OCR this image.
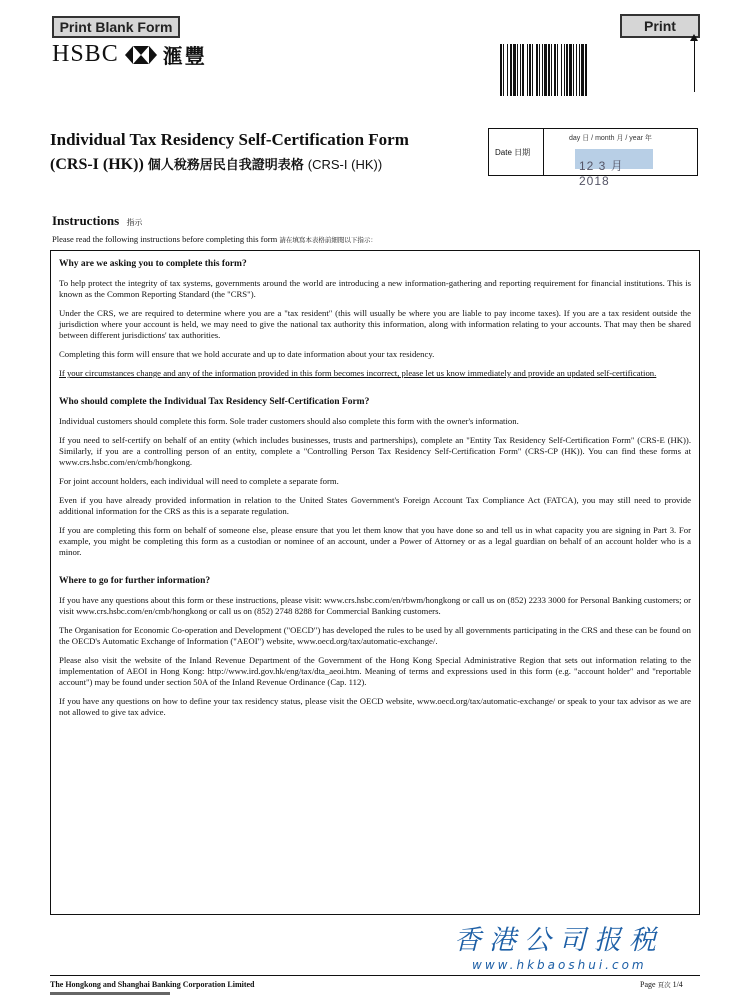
Print Blank Form	Print
HSBC 滙豐
Individual Tax Residency Self-Certification Form
(CRS-I (HK)) 個人稅務居民自我證明表格 (CRS-I (HK))
Date 日期
day 日 / month 月 / year 年
12 3 月 2018
Instructions 指示
Please read the following instructions before completing this form 請在填寫本表格前細閱以下指示：
Why are we asking you to complete this form?

To help protect the integrity of tax systems, governments around the world are introducing a new information-gathering and reporting requirement for financial institutions. This is known as the Common Reporting Standard (the "CRS").

Under the CRS, we are required to determine where you are a "tax resident" (this will usually be where you are liable to pay income taxes). If you are a tax resident outside the jurisdiction where your account is held, we may need to give the national tax authority this information, along with information relating to your accounts. That may then be shared between different jurisdictions' tax authorities.

Completing this form will ensure that we hold accurate and up to date information about your tax residency.

If your circumstances change and any of the information provided in this form becomes incorrect, please let us know immediately and provide an updated self-certification.

Who should complete the Individual Tax Residency Self-Certification Form?

Individual customers should complete this form. Sole trader customers should also complete this form with the owner's information.

If you need to self-certify on behalf of an entity (which includes businesses, trusts and partnerships), complete an "Entity Tax Residency Self-Certification Form" (CRS-E (HK)). Similarly, if you are a controlling person of an entity, complete a "Controlling Person Tax Residency Self-Certification Form" (CRS-CP (HK)). You can find these forms at www.crs.hsbc.com/en/cmb/hongkong.

For joint account holders, each individual will need to complete a separate form.

Even if you have already provided information in relation to the United States Government's Foreign Account Tax Compliance Act (FATCA), you may still need to provide additional information for the CRS as this is a separate regulation.

If you are completing this form on behalf of someone else, please ensure that you let them know that you have done so and tell us in what capacity you are signing in Part 3. For example, you might be completing this form as a custodian or nominee of an account, under a Power of Attorney or as a legal guardian on behalf of an account holder who is a minor.

Where to go for further information?

If you have any questions about this form or these instructions, please visit: www.crs.hsbc.com/en/rbwm/hongkong or call us on (852) 2233 3000 for Personal Banking customers; or visit www.crs.hsbc.com/en/cmb/hongkong or call us on (852) 2748 8288 for Commercial Banking customers.

The Organisation for Economic Co-operation and Development ("OECD") has developed the rules to be used by all governments participating in the CRS and these can be found on the OECD's Automatic Exchange of Information ("AEOI") website, www.oecd.org/tax/automatic-exchange/.

Please also visit the website of the Inland Revenue Department of the Government of the Hong Kong Special Administrative Region that sets out information relating to the implementation of AEOI in Hong Kong: http://www.ird.gov.hk/eng/tax/dta_aeoi.htm. Meaning of terms and expressions used in this form (e.g. "account holder" and "reportable account") may be found under section 50A of the Inland Revenue Ordinance (Cap. 112).

If you have any questions on how to define your tax residency status, please visit the OECD website, www.oecd.org/tax/automatic-exchange/ or speak to your tax advisor as we are not allowed to give tax advice.

香港公司报税
www.hkbaoshui.com
The Hongkong and Shanghai Banking Corporation Limited	Page 頁次 1/4
